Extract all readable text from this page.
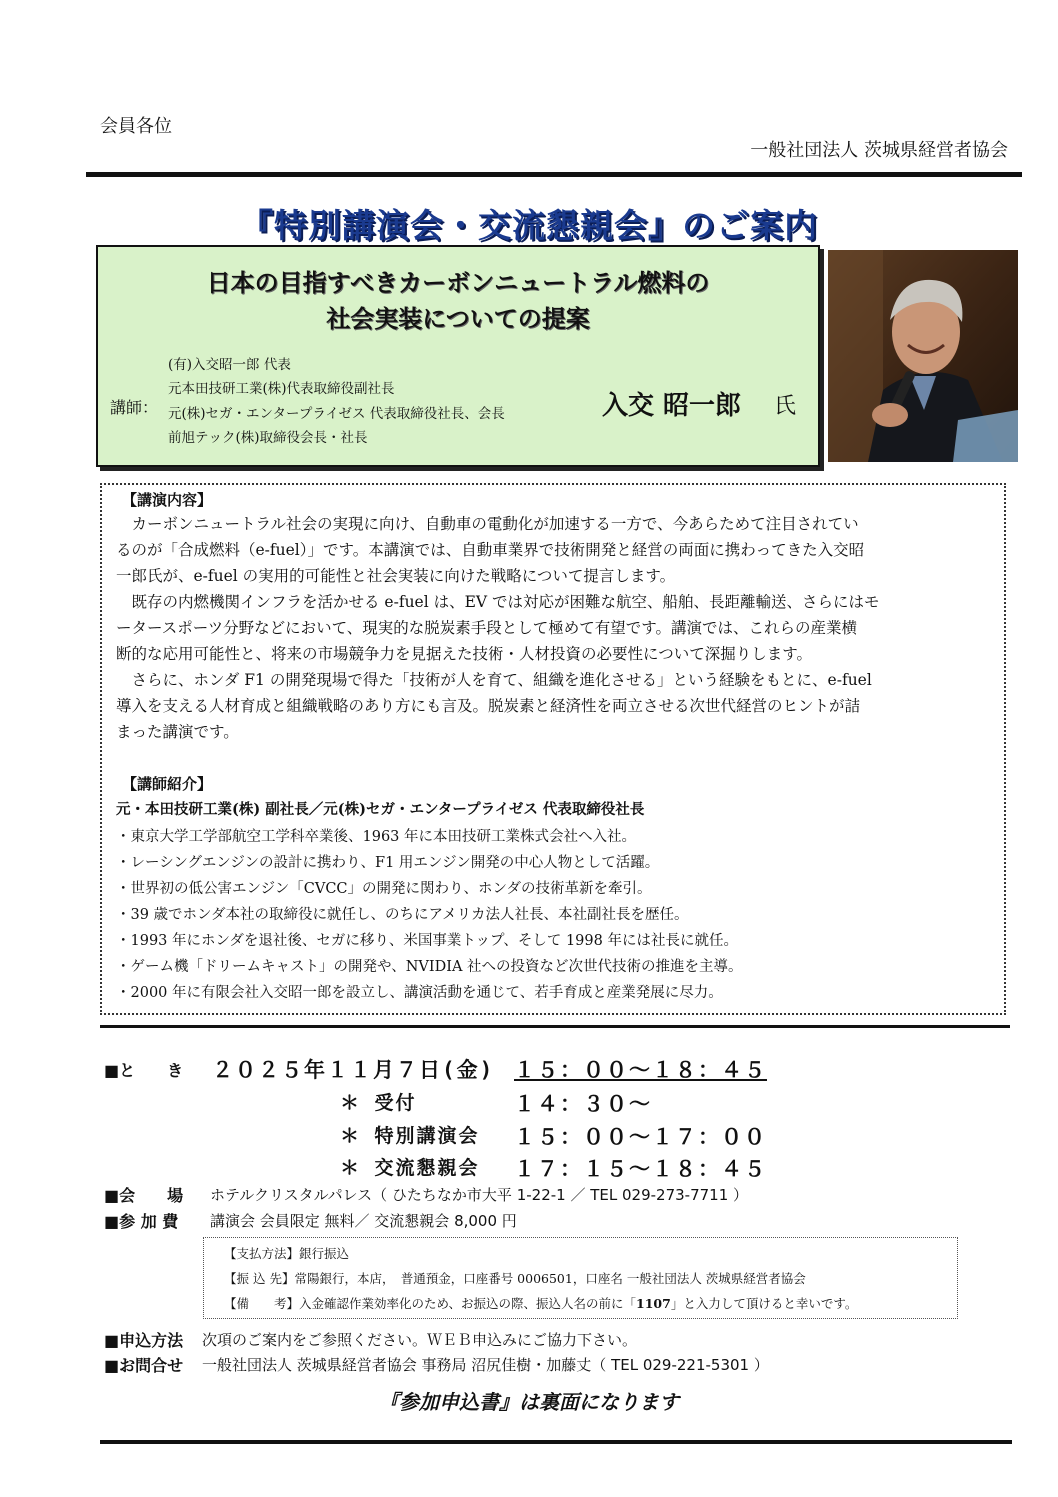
会員各位
一般社団法人 茨城県経営者協会
『特別講演会・交流懇親会』のご案内
日本の目指すべきカーボンニュートラル燃料の
社会実装についての提案
講師：
(有)入交昭一郎 代表
元本田技研工業(株)代表取締役副社長
元(株)セガ・エンタープライゼス 代表取締役社長、会長
前旭テック(株)取締役会長・社長
入交 昭一郎 氏
【講演内容】
　カーボンニュートラル社会の実現に向け、自動車の電動化が加速する一方で、今あらためて注目されてい
るのが「合成燃料（e-fuel）」です。本講演では、自動車業界で技術開発と経営の両面に携わってきた入交昭
一郎氏が、e-fuel の実用的可能性と社会実装に向けた戦略について提言します。
　既存の内燃機関インフラを活かせる e-fuel は、EV では対応が困難な航空、船舶、長距離輸送、さらにはモ
ータースポーツ分野などにおいて、現実的な脱炭素手段として極めて有望です。講演では、これらの産業横
断的な応用可能性と、将来の市場競争力を見据えた技術・人材投資の必要性について深掘りします。
　さらに、ホンダ F1 の開発現場で得た「技術が人を育て、組織を進化させる」という経験をもとに、e-fuel
導入を支える人材育成と組織戦略のあり方にも言及。脱炭素と経済性を両立させる次世代経営のヒントが詰
まった講演です。
【講師紹介】
元・本田技研工業(株) 副社長／元(株)セガ・エンタープライゼス 代表取締役社長
・東京大学工学部航空工学科卒業後、1963 年に本田技研工業株式会社へ入社。
・レーシングエンジンの設計に携わり、F1 用エンジン開発の中心人物として活躍。
・世界初の低公害エンジン「CVCC」の開発に関わり、ホンダの技術革新を牽引。
・39 歳でホンダ本社の取締役に就任し、のちにアメリカ法人社長、本社副社長を歴任。
・1993 年にホンダを退社後、セガに移り、米国事業トップ、そして 1998 年には社長に就任。
・ゲーム機「ドリームキャスト」の開発や、NVIDIA 社への投資など次世代技術の推進を主導。
・2000 年に有限会社入交昭一郎を設立し、講演活動を通じて、若手育成と産業発展に尽力。
■と　　き ２０２５年１１月７日(金) １５：００～１８：４５
＊ 受付	１４：３０～
＊ 特別講演会 １５：００～１７：００
＊ 交流懇親会 １７：１５～１８：４５
■会　　場 ホテルクリスタルパレス（ ひたちなか市大平 1-22-1 ／ TEL 029-273-7711 ）
■参 加 費 講演会 会員限定 無料／ 交流懇親会 8,000 円
【支払方法】銀行振込
【振 込 先】常陽銀行，本店，　普通預金，口座番号 0006501，口座名 一般社団法人 茨城県経営者協会
【備　　考】入金確認作業効率化のため、お振込の際、振込人名の前に「1107」と入力して頂けると幸いです。
■申込方法 次項のご案内をご参照ください。ＷＥＢ申込みにご協力下さい。
■お問合せ 一般社団法人 茨城県経営者協会 事務局 沼尻佳樹・加藤丈（ TEL 029-221-5301 ）
『参加申込書』は裏面になります
